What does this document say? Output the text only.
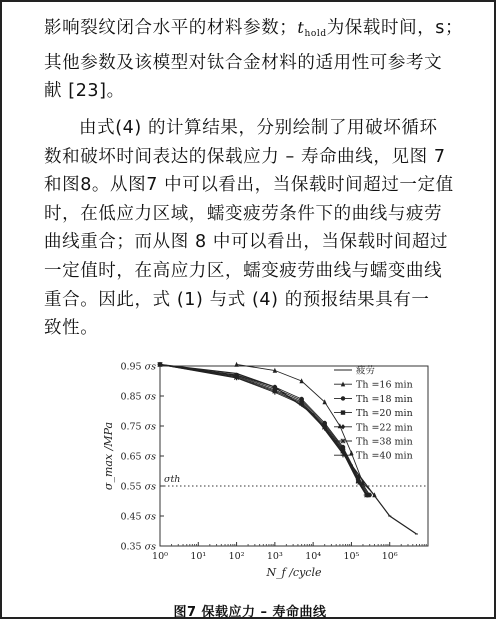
影响裂纹闭合水平的材料参数；thold为保载时间，s；
其他参数及该模型对钛合金材料的适用性可参考文
献 [23]。

由式(4) 的计算结果，分别绘制了用破坏循环
数和破坏时间表达的保载应力 – 寿命曲线，见图 7
和图8。从图7 中可以看出，当保载时间超过一定值
时，在低应力区域，蠕变疲劳条件下的曲线与疲劳
曲线重合；而从图 8 中可以看出，当保载时间超过
一定值时，在高应力区，蠕变疲劳曲线与蠕变曲线
重合。因此，式 (1) 与式 (4) 的预报结果具有一
致性。

0.95 σs
0.85 σs
0.75 σs
0.65 σs
0.55 σs
0.45 σs
0.35 σs
10⁰ 10¹ 10² 10³ 10⁴ 10⁵ 10⁶
N_f /cycle
σ_max /MPa	σth
疲劳
Th =16 min
Th =18 min
Th =20 min
Th =22 min
Th =38 min
Th =40 min
图7 保载应力 – 寿命曲线
